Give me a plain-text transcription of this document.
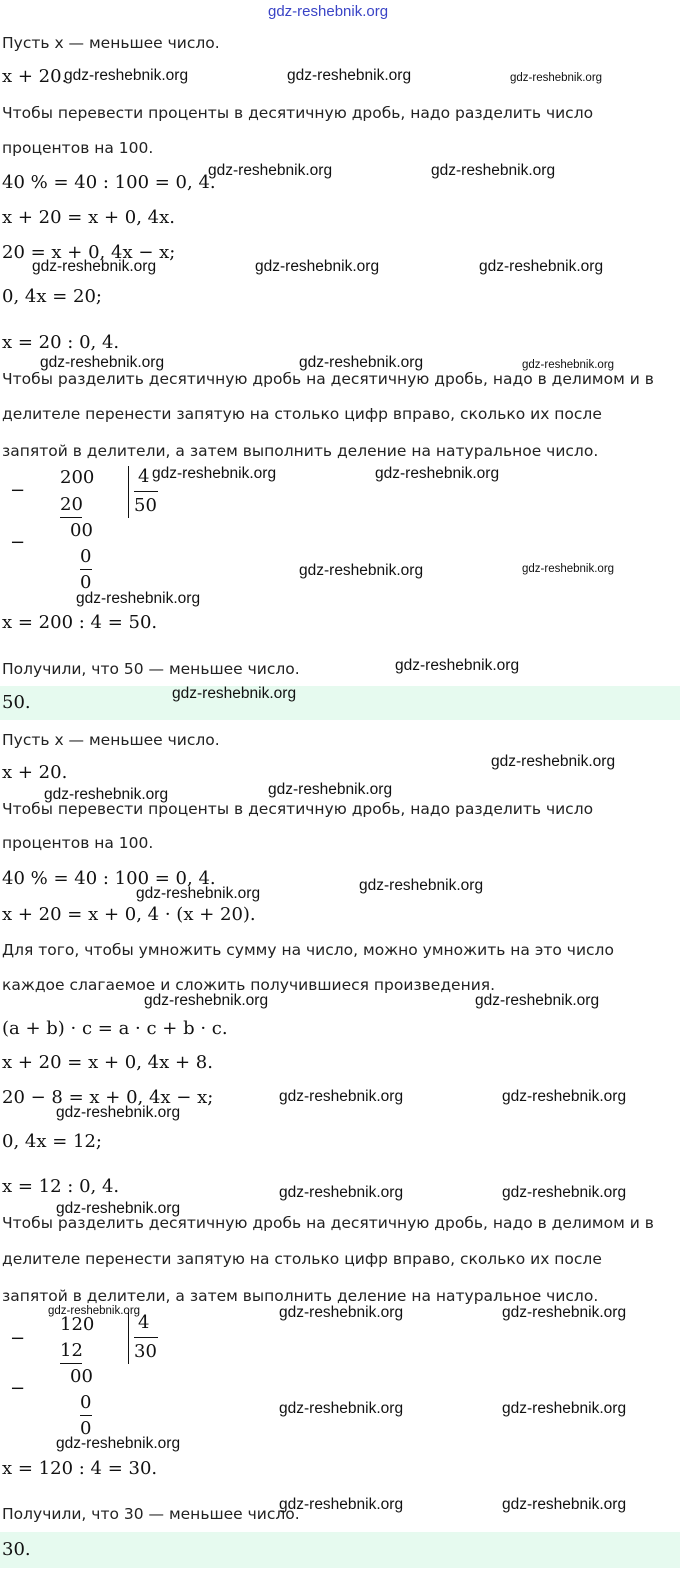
gdz-reshebnik.org
Пусть x — меньшее число.
x + 20.
Чтобы перевести проценты в десятичную дробь, надо разделить число
процентов на 100.
40 % = 40 : 100 = 0, 4.
x + 20 = x + 0, 4x.
20 = x + 0, 4x − x;
0, 4x = 20;
x = 20 : 0, 4.
Чтобы разделить десятичную дробь на десятичную дробь, надо в делимом и в
делителе перенести запятую на столько цифр вправо, сколько их после
запятой в делители, а затем выполнить деление на натуральное число.
−
200
20
−
00
0
0
4
50
x = 200 : 4 = 50.
Получили, что 50 — меньшее число.
50.
Пусть x — меньшее число.
x + 20.
Чтобы перевести проценты в десятичную дробь, надо разделить число
процентов на 100.
40 % = 40 : 100 = 0, 4.
x + 20 = x + 0, 4 · (x + 20).
Для того, чтобы умножить сумму на число, можно умножить на это число
каждое слагаемое и сложить получившиеся произведения.
(a + b) · c = a · c + b · c.
x + 20 = x + 0, 4x + 8.
20 − 8 = x + 0, 4x − x;
0, 4x = 12;
x = 12 : 0, 4.
Чтобы разделить десятичную дробь на десятичную дробь, надо в делимом и в
делителе перенести запятую на столько цифр вправо, сколько их после
запятой в делители, а затем выполнить деление на натуральное число.
−
120
12
−
00
0
0
4
30
x = 120 : 4 = 30.
Получили, что 30 — меньшее число.
30.
gdz-reshebnik.org	gdz-reshebnik.org	gdz-reshebnik.org
gdz-reshebnik.org	gdz-reshebnik.org
gdz-reshebnik.org	gdz-reshebnik.org	gdz-reshebnik.org
gdz-reshebnik.org	gdz-reshebnik.org	gdz-reshebnik.org
gdz-reshebnik.org	gdz-reshebnik.org
gdz-reshebnik.org	gdz-reshebnik.org
gdz-reshebnik.org
gdz-reshebnik.org
gdz-reshebnik.org
gdz-reshebnik.org
gdz-reshebnik.org	gdz-reshebnik.org
gdz-reshebnik.org	gdz-reshebnik.org
gdz-reshebnik.org	gdz-reshebnik.org
gdz-reshebnik.org
gdz-reshebnik.org	gdz-reshebnik.org
gdz-reshebnik.org	gdz-reshebnik.org
gdz-reshebnik.org
gdz-reshebnik.org	gdz-reshebnik.org	gdz-reshebnik.org
gdz-reshebnik.org	gdz-reshebnik.org
gdz-reshebnik.org
gdz-reshebnik.org	gdz-reshebnik.org
